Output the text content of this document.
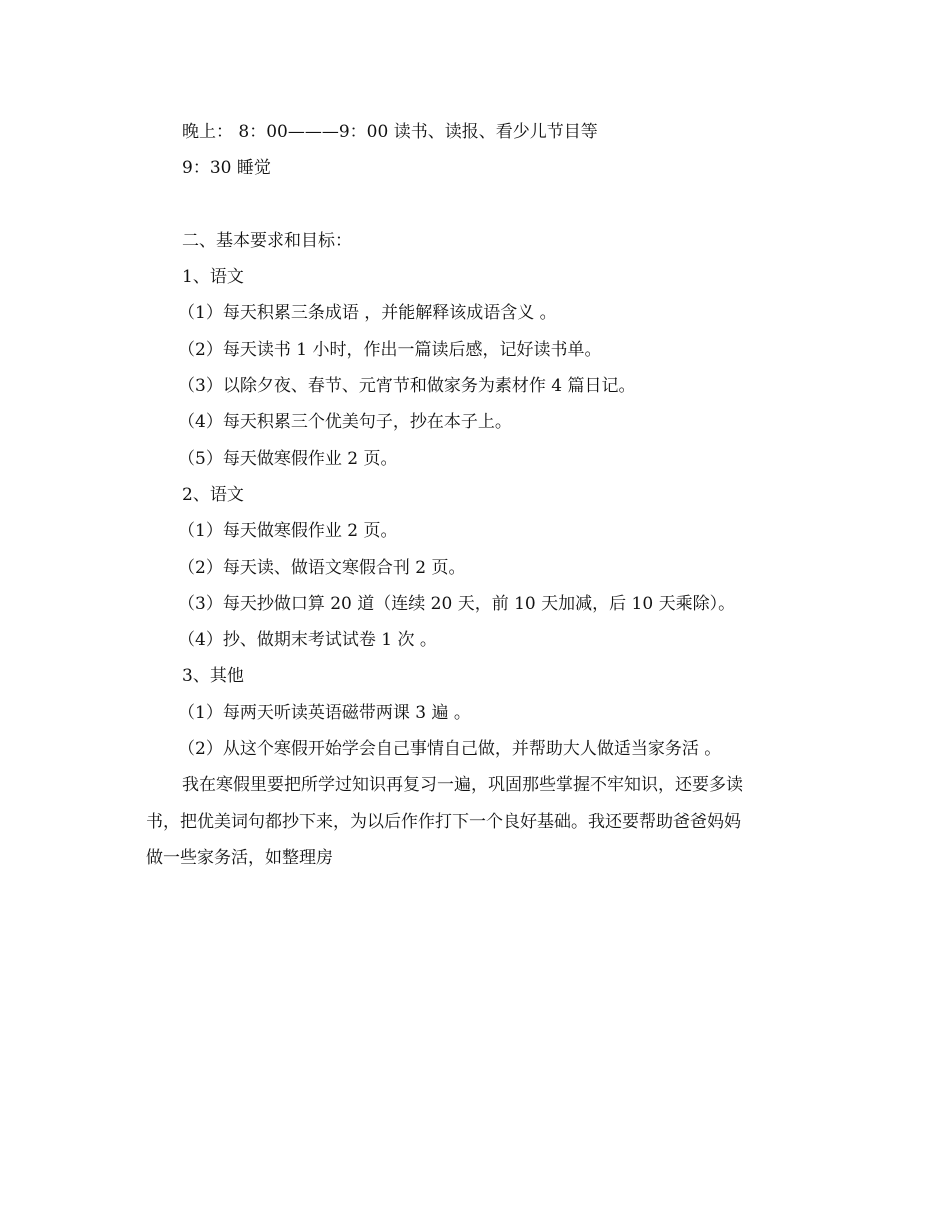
晚上： 8：00———9：00 读书、读报、看少儿节目等
9：30 睡觉
二、基本要求和目标：
1、语文
（1）每天积累三条成语 ，并能解释该成语含义 。
（2）每天读书 1 小时，作出一篇读后感，记好读书单。
（3）以除夕夜、春节、元宵节和做家务为素材作 4 篇日记。
（4）每天积累三个优美句子，抄在本子上。
（5）每天做寒假作业 2 页。
2、语文
（1）每天做寒假作业 2 页。
（2）每天读、做语文寒假合刊 2 页。
（3）每天抄做口算 20 道（连续 20 天，前 10 天加减，后 10 天乘除）。
（4）抄、做期末考试试卷 1 次 。
3、其他
（1）每两天听读英语磁带两课 3 遍 。
（2）从这个寒假开始学会自己事情自己做，并帮助大人做适当家务活 。
我在寒假里要把所学过知识再复习一遍，巩固那些掌握不牢知识，还要多读
书，把优美词句都抄下来，为以后作作打下一个良好基础。我还要帮助爸爸妈妈
做一些家务活，如整理房
